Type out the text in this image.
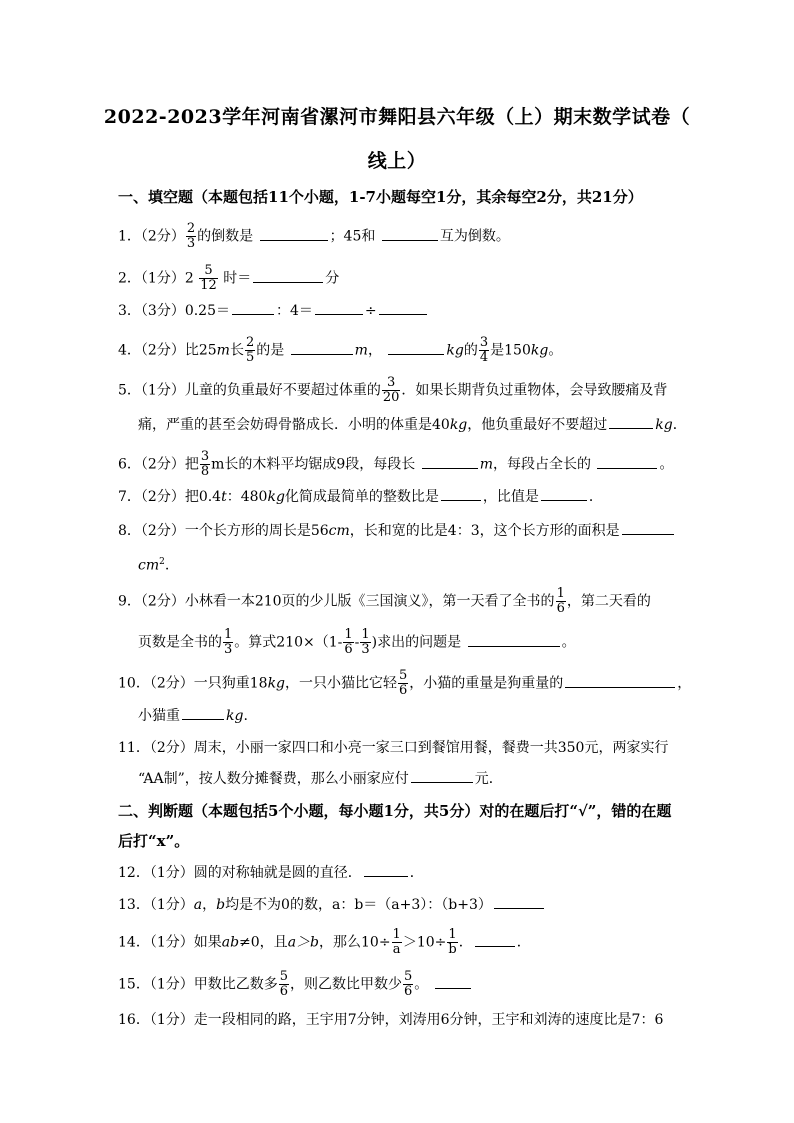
2022-2023学年河南省漯河市舞阳县六年级（上）期末数学试卷（
线上）
一、填空题（本题包括11个小题，1-7小题每空1分，其余每空2分，共21分）
1．（2分） $\frac{2}{3}$ 的倒数是	；45和	互为倒数。
2．（1分）$2 \frac{5}{12}$ 时＝	分
3．（3分）0.25＝	：4＝	÷
4．（2分）比25m长 $\frac{2}{5}$ 的是	m，	kg的 $\frac{3}{4}$ 是150kg。
5．（1分）儿童的负重最好不要超过体重的 $\frac{3}{20}$ ．如果长期背负过重物体，会导致腰痛及背
痛，严重的甚至会妨碍骨骼成长．小明的体重是40kg，他负重最好不要超过	kg．
6．（2分）把 $\frac{3}{8}$ m长的木料平均锯成9段，每段长	m，每段占全长的	。
7．（2分）把0.4t：480kg化简成最简单的整数比是	，比值是	．
8．（2分）一个长方形的周长是56cm，长和宽的比是4：3，这个长方形的面积是
$cm^2$.
9．（2分）小林看一本210页的少儿版《三国演义》，第一天看了全书的 $\frac{1}{6}$ ，第二天看的
页数是全书的 $\frac{1}{3}$ 。算式$210\times(1- \frac{1}{6} - \frac{1}{3}$ )求出的问题是	。
10．（2分）一只狗重18kg，一只小猫比它轻 $\frac{5}{6}$ ，小猫的重量是狗重量的	，
小猫重	kg.
11．（2分）周末，小丽一家四口和小亮一家三口到餐馆用餐，餐费一共350元，两家实行
“AA制”，按人数分摊餐费，那么小丽家应付	元．
二、判断题（本题包括5个小题，每小题1分，共5分）对的在题后打“√”，错的在题
后打“x”。
12．（1分）圆的对称轴就是圆的直径．	．
13．（1分）a，b均是不为0的数，a：b＝（a+3）：（b+3）
14．（1分）如果ab≠0，且a＞b，那么$10\div \frac{1}{a} >10\div \frac{1}{b}$ ．	．
15．（1分）甲数比乙数多 $\frac{5}{6}$ ，则乙数比甲数少 $\frac{5}{6}$ 。
16．（1分）走一段相同的路，王宇用7分钟，刘涛用6分钟，王宇和刘涛的速度比是7：6
